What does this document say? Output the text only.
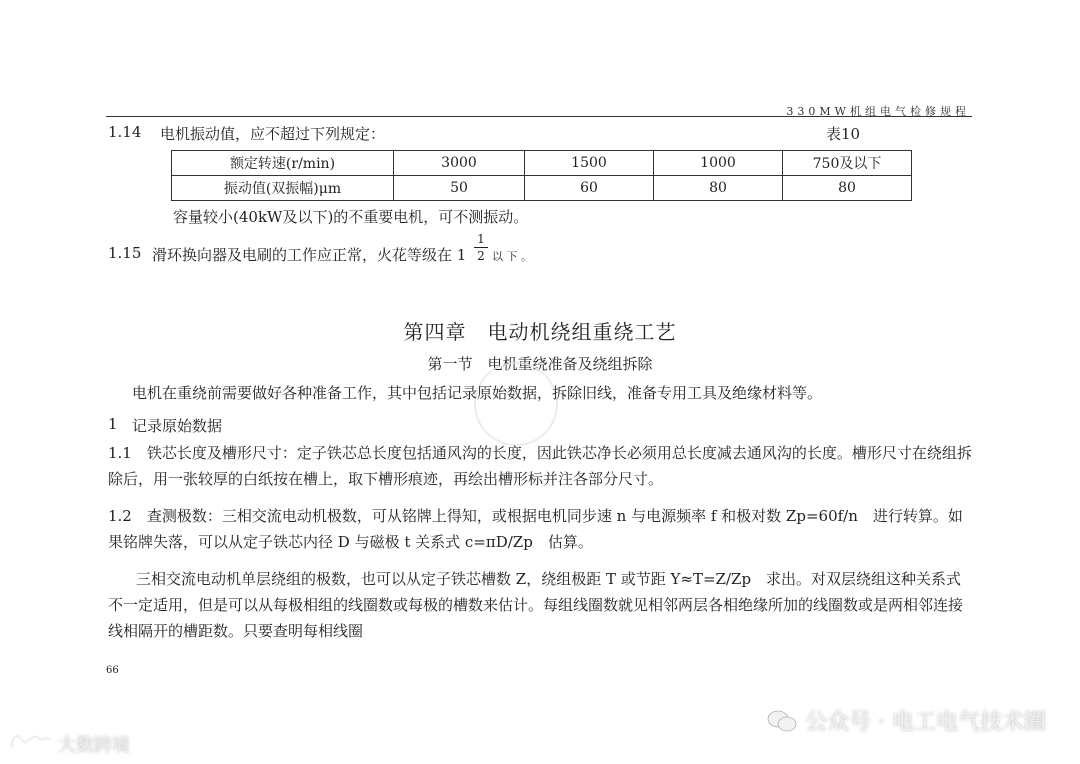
330MW机组电气检修规程
1.14 电机振动值，应不超过下列规定：	表10
额定转速(r/min)	3000	1500	1000	750及以下
振动值(双振幅)μm	50	60	80	80
容量较小(40kW及以下)的不重要电机，可不测振动。
1.15 滑环换向器及电刷的工作应正常，火花等级在 1
1
2 以 下 。
第四章　电动机绕组重绕工艺
第一节　电机重绕准备及绕组拆除
电机在重绕前需要做好各种准备工作，其中包括记录原始数据，拆除旧线，准备专用工具及绝缘材料等。
1 记录原始数据
1.1　 铁芯长度及槽形尺寸：定子铁芯总长度包括通风沟的长度，因此铁芯净长必须用总长度减去通风沟的长度。槽形尺寸在绕组拆除后，用一张较厚的白纸按在槽上，取下槽形痕迹，再绘出槽形标并注各部分尺寸。
1.2　 查测极数：三相交流电动机极数，可从铭牌上得知，或根据电机同步速 n 与电源频率 f 和极对数 Zp=60f/n　进行转算。如果铭牌失落，可以从定子铁芯内径 D 与磁极 t 关系式 c=πD/Zp　估算。
三相交流电动机单层绕组的极数，也可以从定子铁芯槽数 Z，绕组极距 T 或节距 Y≈T=Z/Zp　求出。对双层绕组这种关系式不一定适用，但是可以从每极相组的线圈数或每极的槽数来估计。每组线圈数就见相邻两层各相绝缘所加的线圈数或是两相邻连接线相隔开的槽距数。只要查明每相线圈
66
公众号 · 电工电气技术圈
大数跨境
